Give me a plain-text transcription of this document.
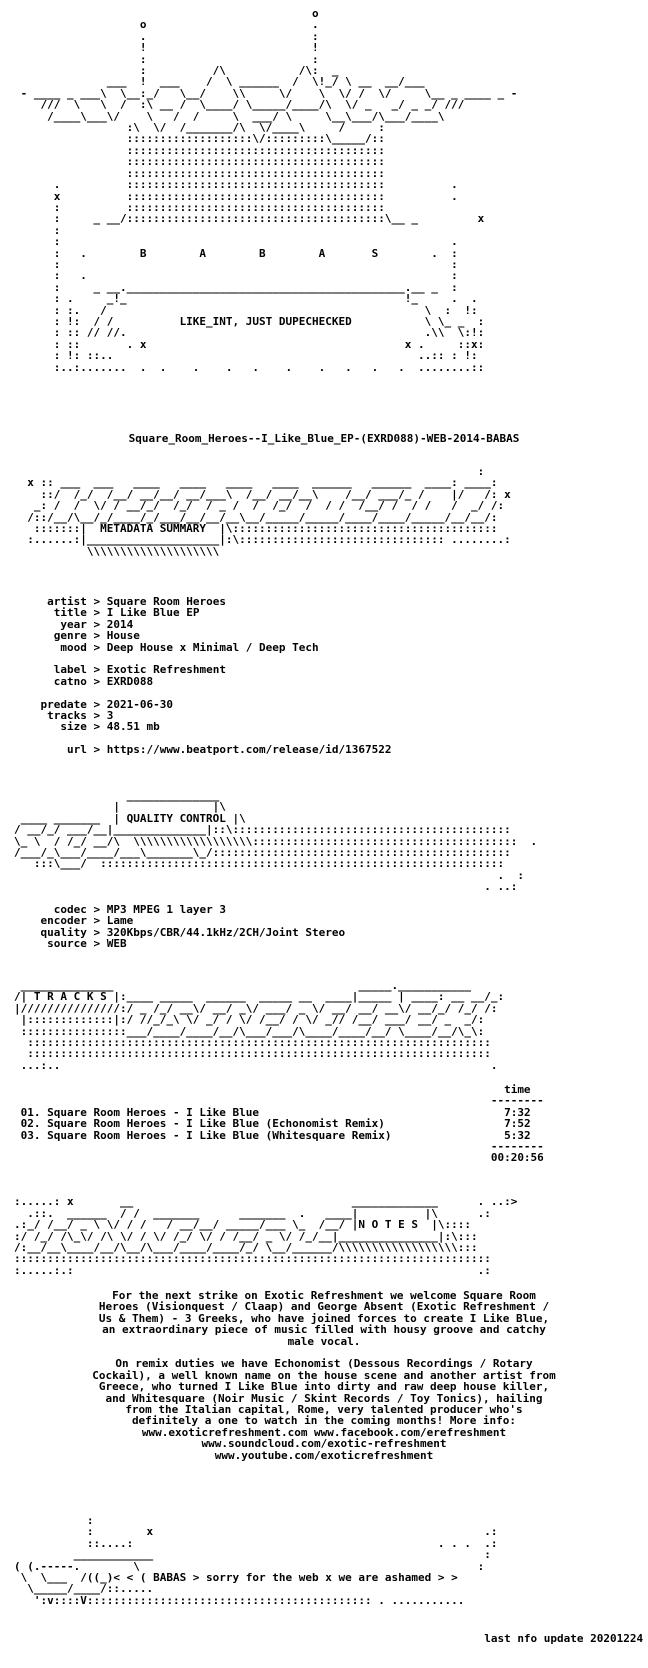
o
o                         .
.                         :
!                         !
:                         :
:          /\           /\:  _
___  !  ___    /  \ ______  /  \!_/ \ __  __/___
- ____ _ ___\  \__:_/   \__/    \\     \/    \  \/ /  \/     \__ _ ____ _ -
///  \   \  /  :\ __ /  \____/ \_____/____/\  \/ _   _/ _ _/ ///
/____\___\/    \   /  /     \  ___/ \     \__\___/\___/____\
:\  \/  /_______/\  \/____\     /     :
:::::::::::::::::::\/:::::::::\_____/::
:::::::::::::::::::::::::::::::::::::::
:::::::::::::::::::::::::::::::::::::::
:::::::::::::::::::::::::::::::::::::::
.          :::::::::::::::::::::::::::::::::::::::          .
x          :::::::::::::::::::::::::::::::::::::::          .
:          :::::::::::::::::::::::::::::::::::::::
:     _ __/:::::::::::::::::::::::::::::::::::::::\__ _         x
:
:                                                           .
:   .        B        A        B        A       S        .  :
:                                                           :
:   .                                                       :
:     _ __.__________________________________________.__ _  :
: .     _!_                                          !_     .  .
: :.   /                                                \  :  !:
: !:  / /          LIKE_INT, JUST DUPECHECKED           \ \_ _  :
: :: // //.                                             .\\  \:!:
: ::       . x                                       x .     ::x:
: !: ::..                                              ..:: : !:
:..:.......  .  .    .    .   .    .    .   .   .   .  ........::
Square_Room_Heroes--I_Like_Blue_EP-(EXRD088)-WEB-2014-BABAS
:
x :: ___  ___   ____   ____   ____   ____  ______   ______  ____: ____:
::/  /_/  /__/ __/__/ __/___\  /__/ __/__\    /__/ ___/_ /    |/   /: x
_: /  /  \/ / __/_/  /_/  / _ /  /  /_/  /  / /  /__/ /  / /   /  _/ /:
/::/__/\__/_/____/_/___/__/__/__\__/_____/_____/____/____/_____/__/__/:
:::::::|  METADATA SUMMARY  |\::::::::::::::::::::::::::::::::::::::::
:......:|____________________|:\::::::::::::::::::::::::::::::: ........:
\\\\\\\\\\\\\\\\\\\\
artist > Square Room Heroes
title > I Like Blue EP
year > 2014
genre > House
mood > Deep House x Minimal / Deep Tech

label > Exotic Refreshment
catno > EXRD088

predate > 2021-06-30
tracks > 3
size > 48.51 mb

url > https://www.beatport.com/release/id/1367522
______________
|              |\
____ _______  | QUALITY CONTROL |\
/ __/_/ ___/__|______________|::\::::::::::::::::::::::::::::::::::::::::::
\_ \  / /_/ __/\  \\\\\\\\\\\\\\\\\\::::::::::::::::::::::::::::::::::::::::  .
/___/_\___/____/___\_______\_/:::::::::::::::::::::::::::::::::::::::::::::
:::\___/  :::::::::::::::::::::::::::::::::::::::::::::::::::::::::::::
.  :
. ..:
codec > MP3 MPEG 1 layer 3
encoder > Lame
quality > 320Kbps/CBR/44.1kHz/2CH/Joint Stereo
source > WEB
______________                                     _____.___________
/| T R A C K S |:____ _____  ______  _____ __  ____|_____ | ____: __ __/_:
|///////////////:/ _ /_/ __\/ __/ _\/ ___/ _ \/ __/ __/ __\/ __/_/ /_/ /:
|:::::::::::::|:/ //_/_\ \/ _/ / \/ /__/ / \/ _// /__/ ___/ __/ _  _/:
::::::::::::::::___/____/____/__/\___/___/\____/____/__/ \____/__/\_\:
::::::::::::::::::::::::::::::::::::::::::::::::::::::::::::::::::::::
::::::::::::::::::::::::::::::::::::::::::::::::::::::::::::::::::::::
...:..                                                                 .
time
--------
01. Square Room Heroes - I Like Blue                                     7:32
02. Square Room Heroes - I Like Blue (Echonomist Remix)                  7:52
03. Square Room Heroes - I Like Blue (Whitesquare Remix)                 5:32
--------
00:20:56

:.....: x       __                                 _____________      . ..:>
.::.  ______  / /  _______      _______  .   ____|          |\      .:
.:_/ /__/ _ \ \/ / /   / __/__/ _____/___ \_  /__/ |N O T E S  |\::::
:/ /_/ /\_\/ /\ \/ / \/ /_/ \/ / /__/ _ \/ /_/__|_______________|:\:::
/:__/__\____/__/\__/\___/____/____/_/ \__/______/\\\\\\\\\\\\\\\\\\:::
::::::::::::::::::::::::::::::::::::::::::::::::::::::::::::::::::::::::
:.....:.:                                                             .:
For the next strike on Exotic Refreshment we welcome Square Room
Heroes (Visionquest / Claap) and George Absent (Exotic Refreshment /
Us & Them) - 3 Greeks, who have joined forces to create I Like Blue,
an extraordinary piece of music filled with housy groove and catchy
male vocal.

On remix duties we have Echonomist (Dessous Recordings / Rotary
Cockail), a well known name on the house scene and another artist from
Greece, who turned I Like Blue into dirty and raw deep house killer,
and Whitesquare (Noir Music / Skint Records / Toy Tonics), hailing
from the Italian capital, Rome, very talented producer who's
definitely a one to watch in the coming months! More info:
www.exoticrefreshment.com www.facebook.com/erefreshment
www.soundcloud.com/exotic-refreshment
www.youtube.com/exoticrefreshment
:
:        x                                                  .:
::....:                                              . . .  .:
____________                                                  :
( (.-----.        \                                                   :
\  \___  /((_)< < ( BABAS > sorry for the web x we are ashamed > >
\_____/____/::.....
':v::::V::::::::::::::::::::::::::::::::::::::::::: . ...........
last nfo update 20201224
